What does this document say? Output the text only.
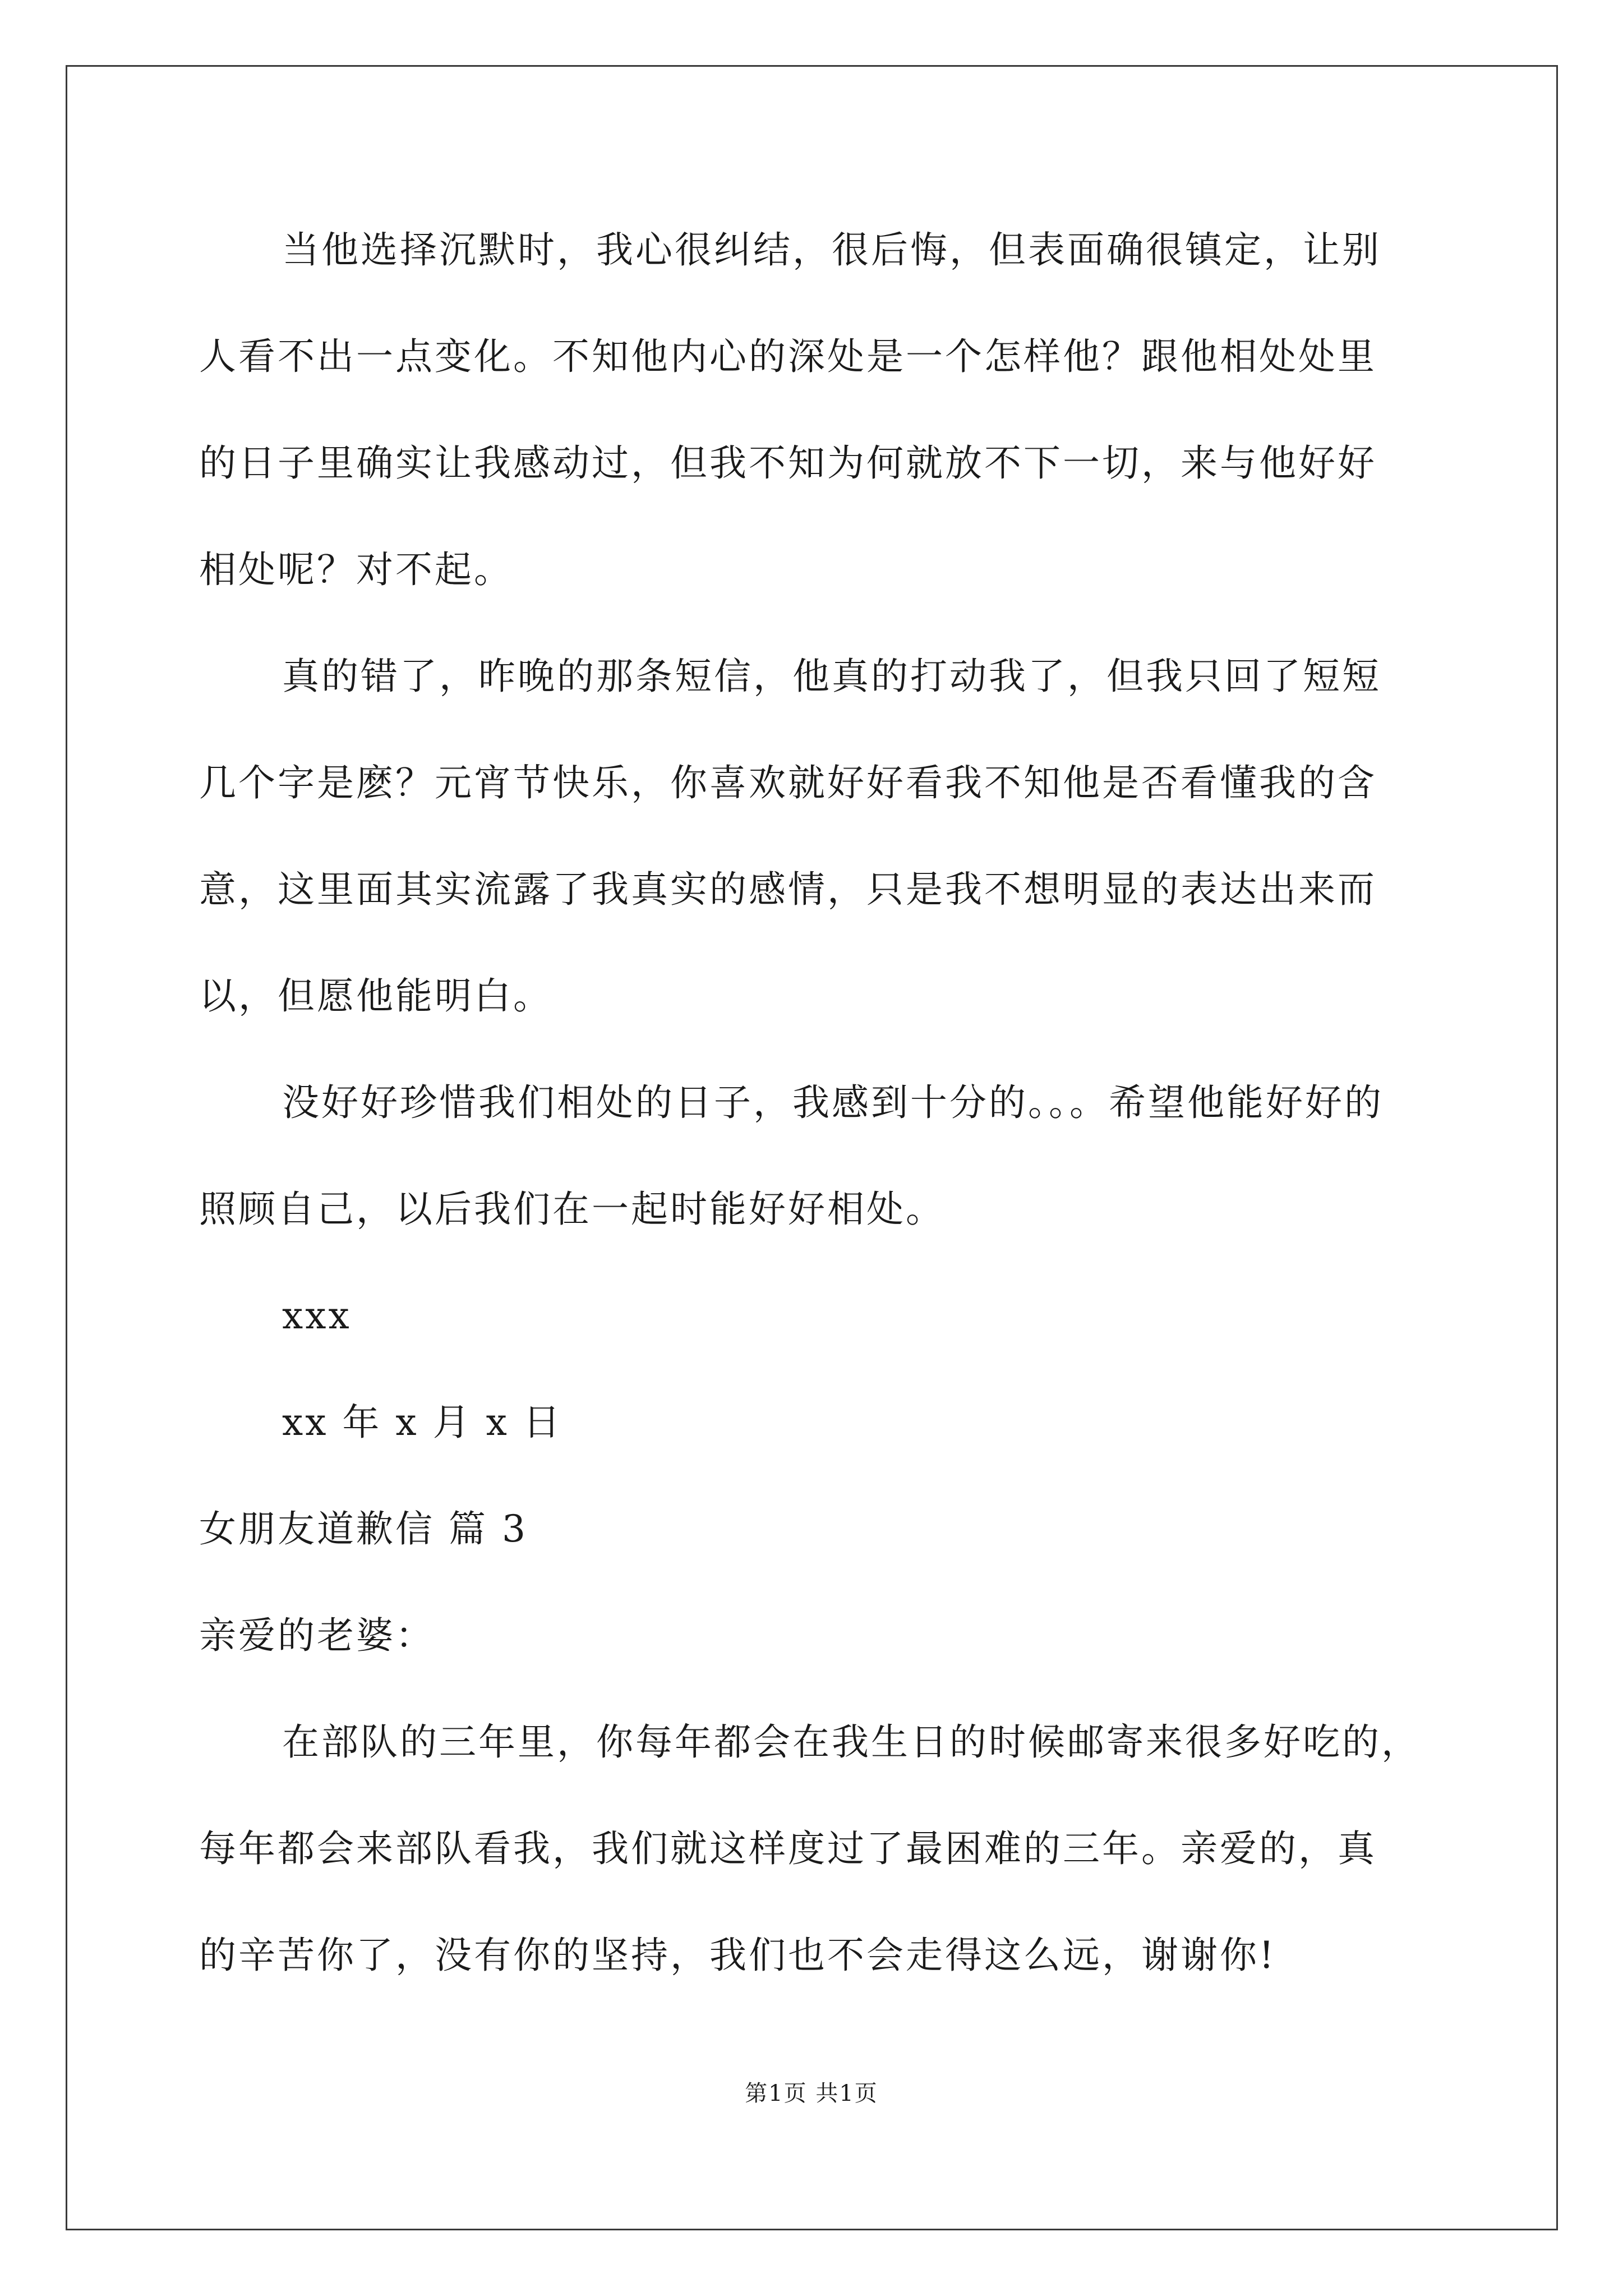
当他选择沉默时，我心很纠结，很后悔，但表面确很镇定，让别
人看不出一点变化。不知他内心的深处是一个怎样他？跟他相处处里
的日子里确实让我感动过，但我不知为何就放不下一切，来与他好好
相处呢？对不起。
真的错了，昨晚的那条短信，他真的打动我了，但我只回了短短
几个字是麽？元宵节快乐，你喜欢就好好看我不知他是否看懂我的含
意，这里面其实流露了我真实的感情，只是我不想明显的表达出来而
以，但愿他能明白。
没好好珍惜我们相处的日子，我感到十分的。。。希望他能好好的
照顾自己，以后我们在一起时能好好相处。
xxx
xx 年 x 月 x 日
女朋友道歉信 篇 3
亲爱的老婆：
在部队的三年里，你每年都会在我生日的时候邮寄来很多好吃的，
每年都会来部队看我，我们就这样度过了最困难的三年。亲爱的，真
的辛苦你了，没有你的坚持，我们也不会走得这么远，谢谢你!
第1页 共1页
